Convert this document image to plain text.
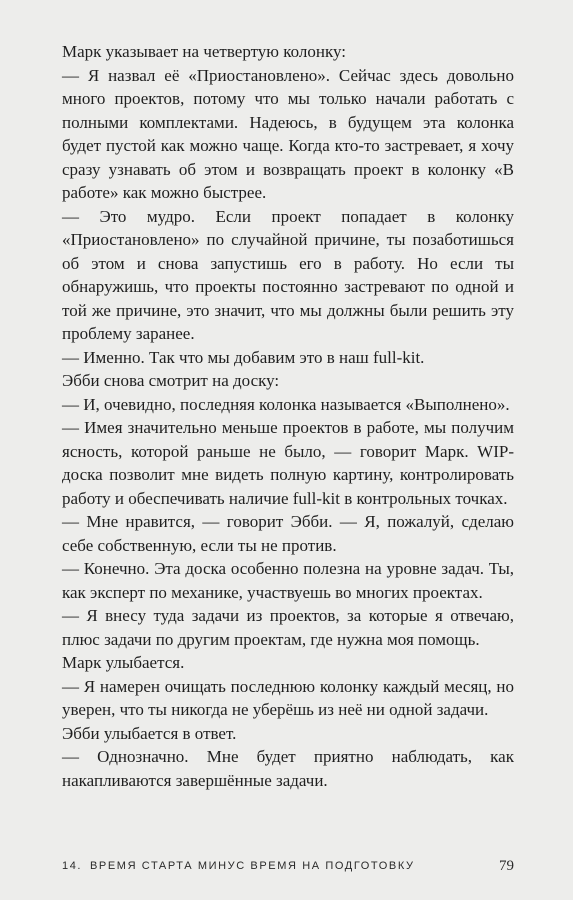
Марк указывает на четвертую колонку:

— Я назвал её «Приостановлено». Сейчас здесь довольно много проектов, потому что мы только начали работать с полными комплектами. Надеюсь, в будущем эта колонка будет пустой как можно чаще. Когда кто-то застревает, я хочу сразу узнавать об этом и возвращать проект в колонку «В работе» как можно быстрее.

— Это мудро. Если проект попадает в колонку «Приостановлено» по случайной причине, ты позаботишься об этом и снова запустишь его в работу. Но если ты обнаружишь, что проекты постоянно застревают по одной и той же причине, это значит, что мы должны были решить эту проблему заранее.

— Именно. Так что мы добавим это в наш full-kit.

Эбби снова смотрит на доску:

— И, очевидно, последняя колонка называется «Выполнено».

— Имея значительно меньше проектов в работе, мы получим ясность, которой раньше не было, — говорит Марк. WIP-доска позволит мне видеть полную картину, контролировать работу и обеспечивать наличие full-kit в контрольных точках.

— Мне нравится, — говорит Эбби. — Я, пожалуй, сделаю себе собственную, если ты не против.

— Конечно. Эта доска особенно полезна на уровне задач. Ты, как эксперт по механике, участвуешь во многих проектах.

— Я внесу туда задачи из проектов, за которые я отвечаю, плюс задачи по другим проектам, где нужна моя помощь.

Марк улыбается.

— Я намерен очищать последнюю колонку каждый месяц, но уверен, что ты никогда не уберёшь из неё ни одной задачи.

Эбби улыбается в ответ.

— Однозначно. Мне будет приятно наблюдать, как накапливаются завершённые задачи.

14. ВРЕМЯ СТАРТА МИНУС ВРЕМЯ НА ПОДГОТОВКУ	79
